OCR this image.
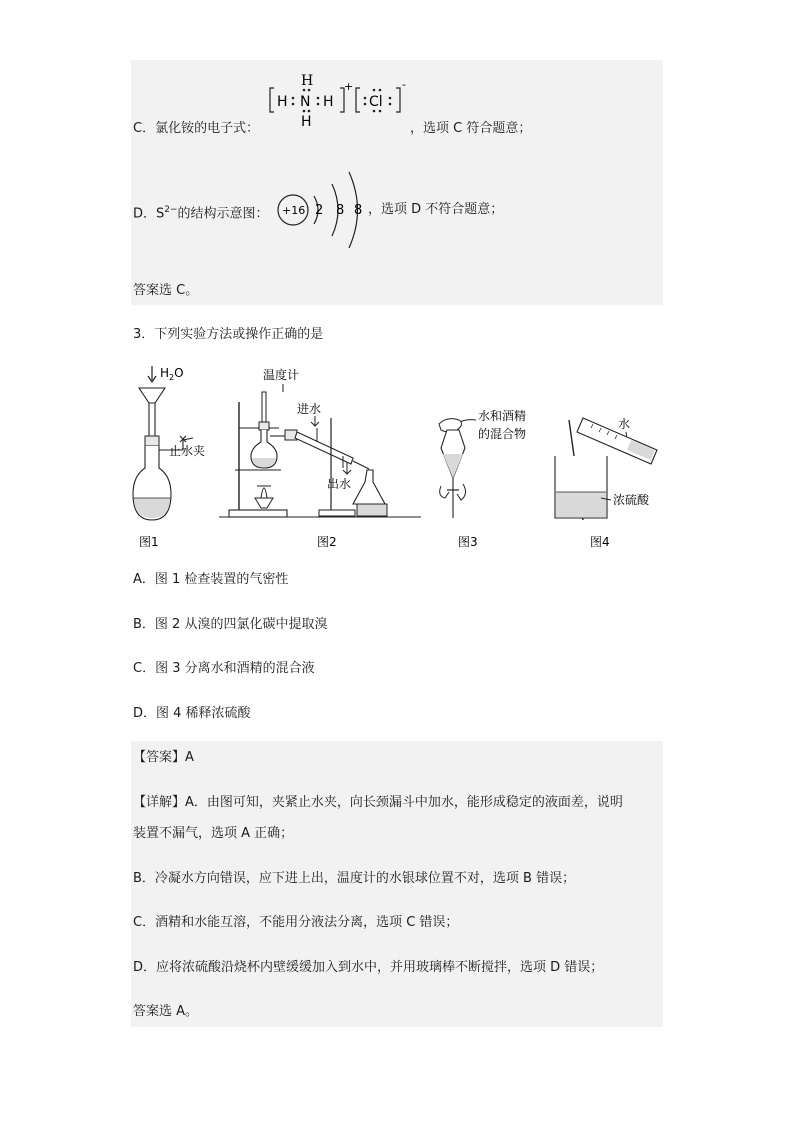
H
H N H
H
+
Cl
-
C．氯化铵的电子式：	，选项 C 符合题意；
D．$S^{2-}$的结构示意图： +16 2 8 8 ，选项 D 不符合题意；
答案选 C。
3．下列实验方法或操作正确的是
$H_2O$
止水夹
图1
温度计
进水
出水
图2
水和酒精
的混合物
图3
水
浓硫酸
图4
A．图 1 检查装置的气密性
B．图 2 从溴的四氯化碳中提取溴
C．图 3 分离水和酒精的混合液
D．图 4 稀释浓硫酸
【答案】A
【详解】A．由图可知，夹紧止水夹，向长颈漏斗中加水，能形成稳定的液面差，说明
装置不漏气，选项 A 正确；
B．冷凝水方向错误，应下进上出，温度计的水银球位置不对，选项 B 错误；
C．酒精和水能互溶，不能用分液法分离，选项 C 错误；
D．应将浓硫酸沿烧杯内壁缓缓加入到水中，并用玻璃棒不断搅拌，选项 D 错误；
答案选 A。
